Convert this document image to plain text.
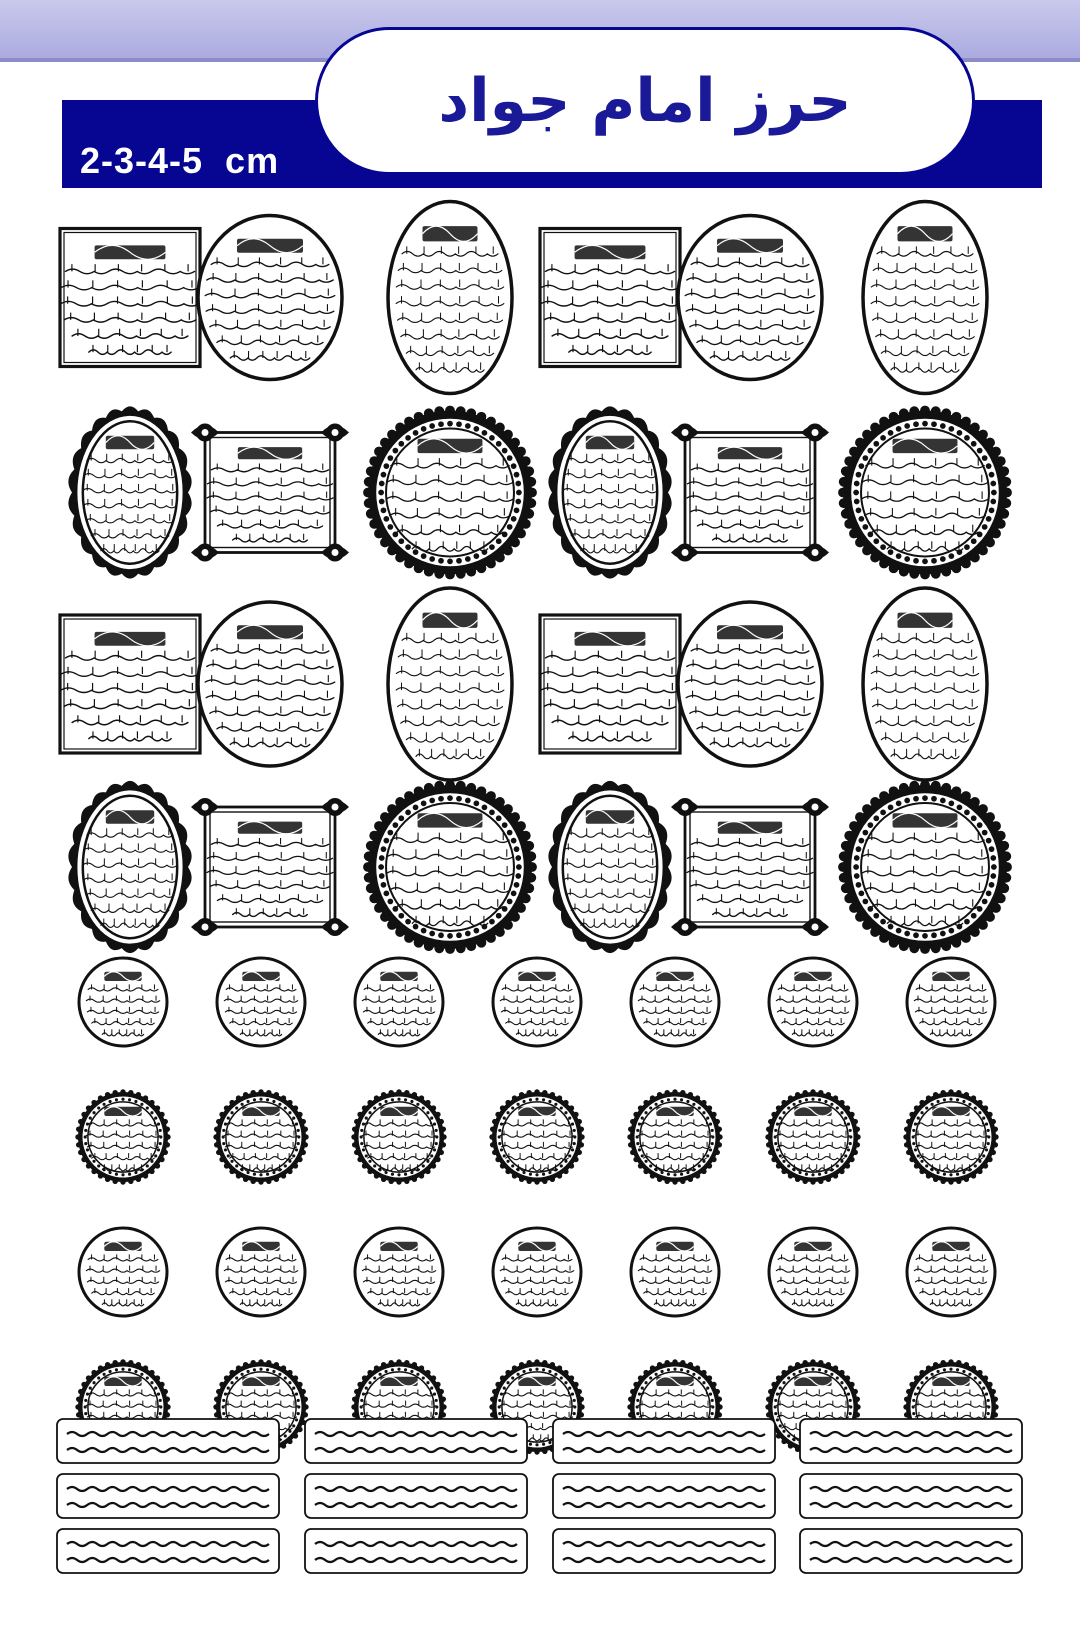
2-3-4-5  cm
حرز امام جواد
